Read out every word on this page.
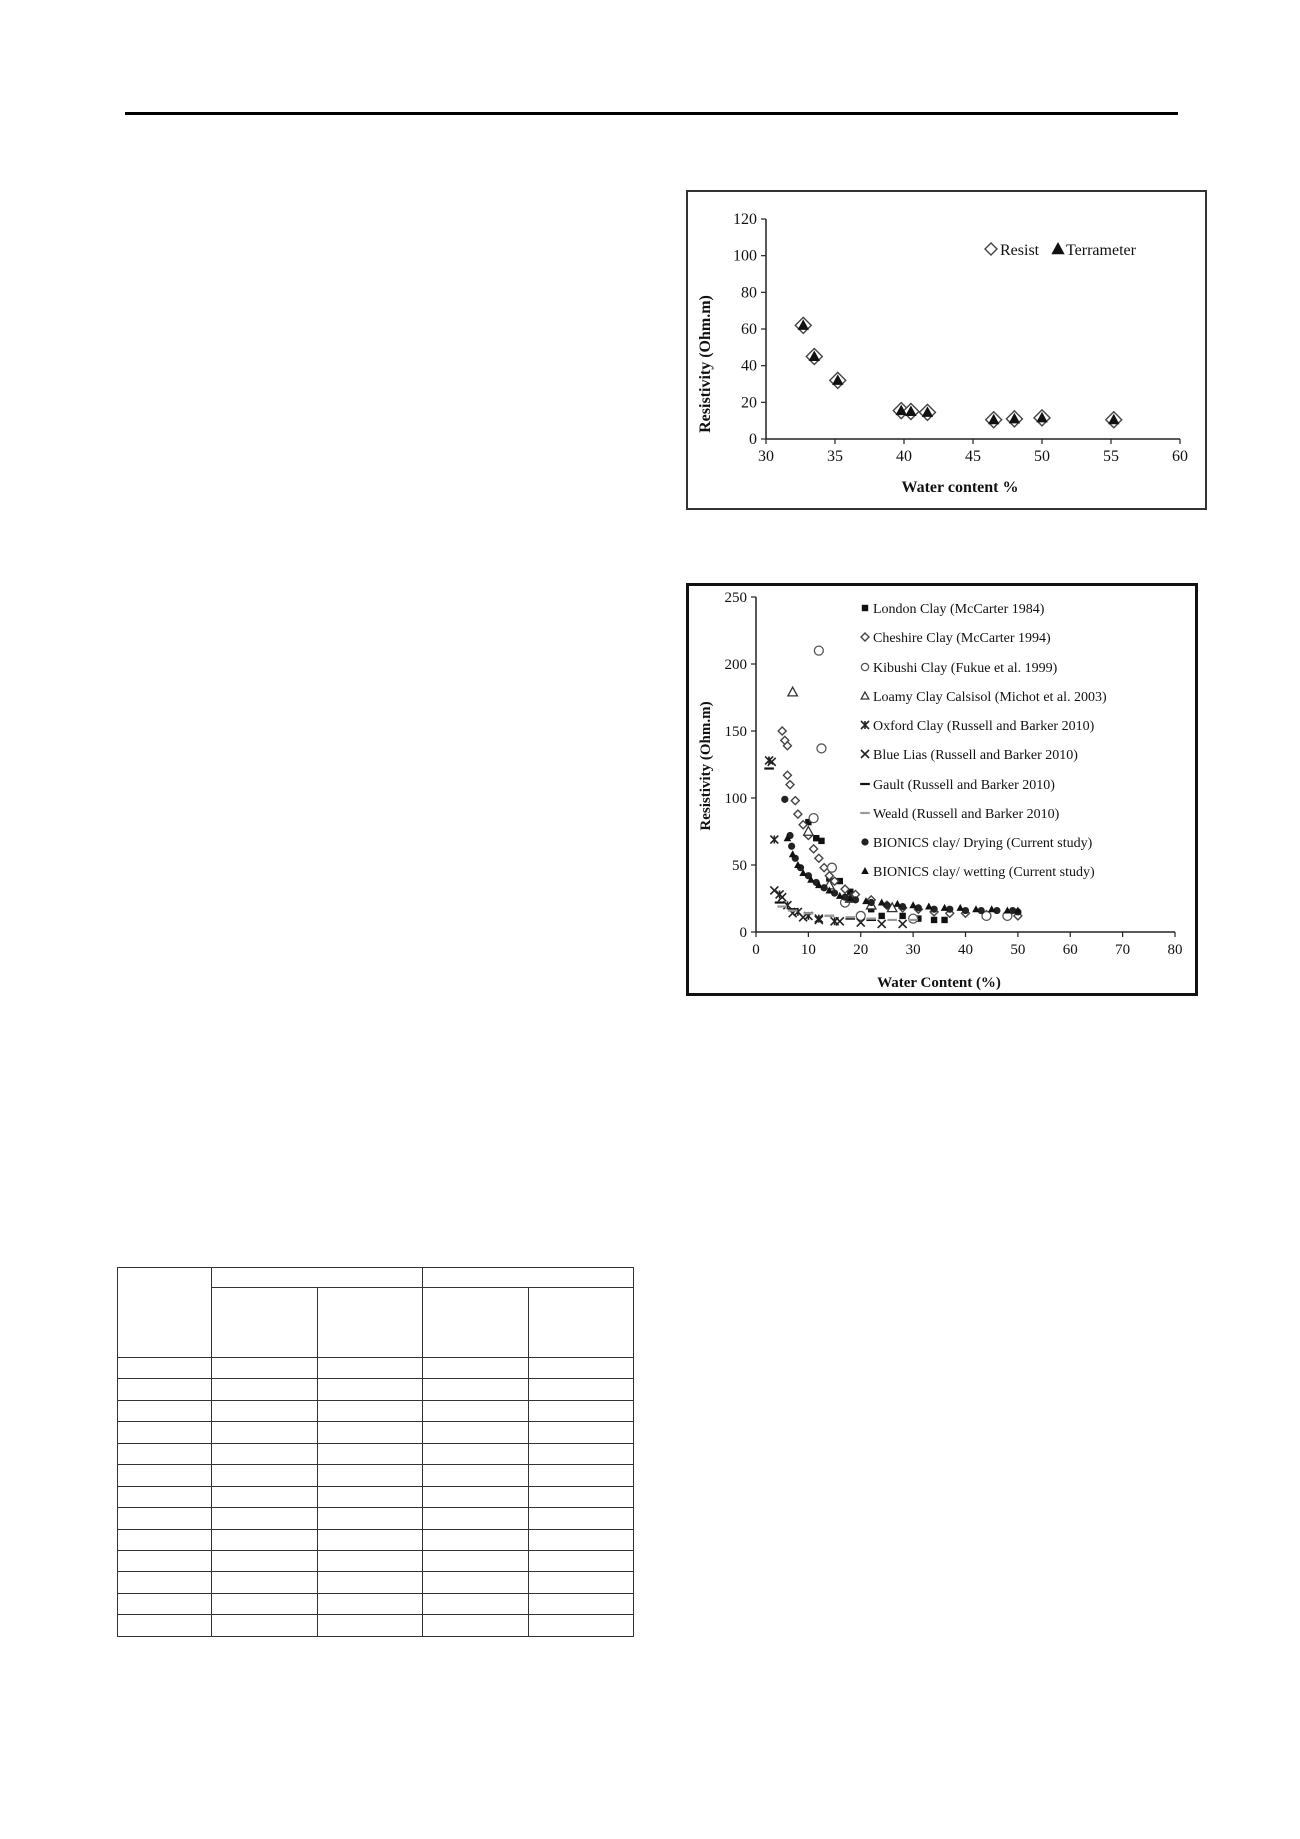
Resistivity (Ohm.m)
Water content %
Resist Terrameter
0
20
40
60
80
100
120
30	35	40	45	50	55	60
Resistivity (Ohm.m)
Water Content (%)
London Clay (McCarter 1984)
Cheshire Clay (McCarter 1994)
Kibushi Clay (Fukue et al. 1999)
Loamy Clay Calsisol (Michot et al. 2003)
Oxford Clay (Russell and Barker 2010)
Blue Lias (Russell and Barker 2010)
Gault (Russell and Barker 2010)
Weald (Russell and Barker 2010)
BIONICS clay/ Drying (Current study)
BIONICS clay/ wetting (Current study)
0
50
100
150
200
250
0	10 20 30 40 50 60 70 80
